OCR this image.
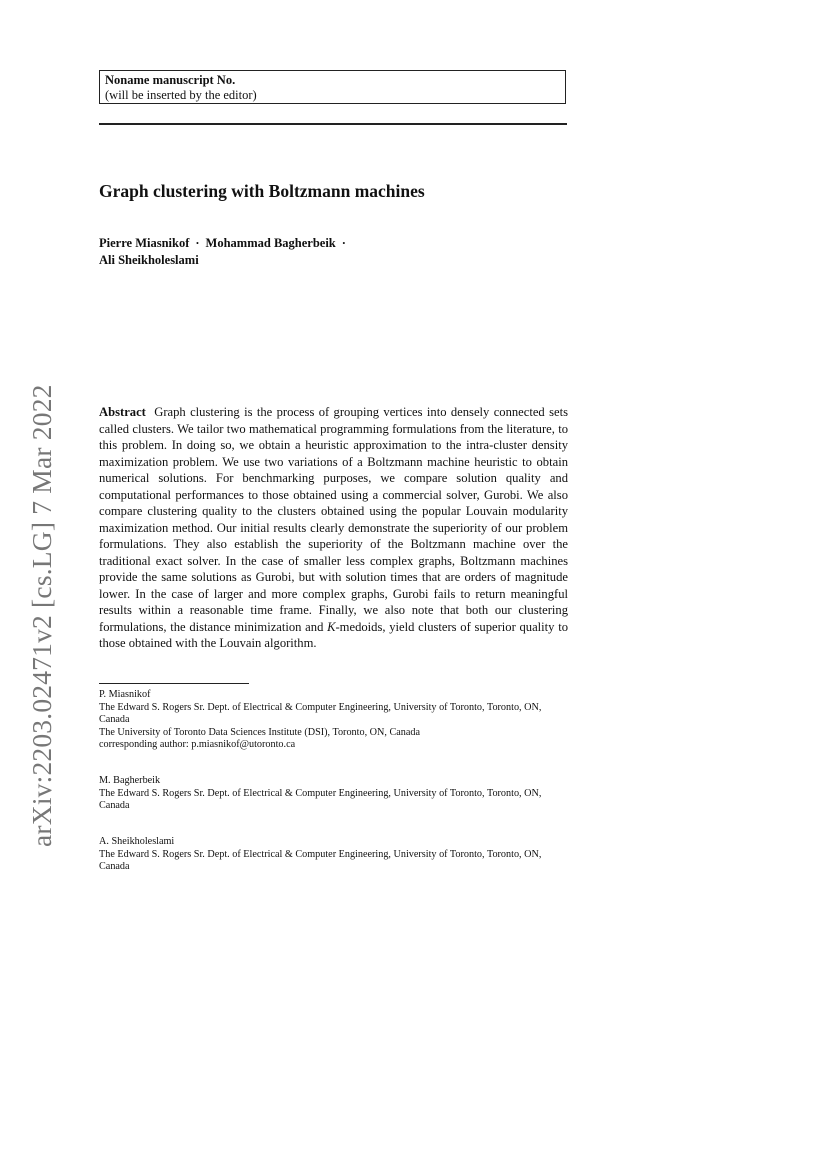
Noname manuscript No.
(will be inserted by the editor)
Graph clustering with Boltzmann machines
Pierre Miasnikof · Mohammad Bagherbeik ·
Ali Sheikholeslami
arXiv:2203.02471v2 [cs.LG] 7 Mar 2022	Abstract Graph clustering is the process of grouping vertices into densely connected sets called clusters. We tailor two mathematical programming formulations from the literature, to this problem. In doing so, we obtain a heuristic approximation to the intra-cluster density maximization problem. We use two variations of a Boltzmann machine heuristic to obtain numerical solutions. For benchmarking purposes, we compare solution quality and computational performances to those obtained using a commercial solver, Gurobi. We also compare clustering quality to the clusters obtained using the popular Louvain modularity maximization method. Our initial results clearly demonstrate the superiority of our problem formulations. They also establish the superiority of the Boltzmann machine over the traditional exact solver. In the case of smaller less complex graphs, Boltzmann machines provide the same solutions as Gurobi, but with solution times that are orders of magnitude lower. In the case of larger and more complex graphs, Gurobi fails to return meaningful results within a reasonable time frame. Finally, we also note that both our clustering formulations, the distance minimization and K-medoids, yield clusters of superior quality to those obtained with the Louvain algorithm.
P. Miasnikof
The Edward S. Rogers Sr. Dept. of Electrical & Computer Engineering, University of Toronto, Toronto, ON, Canada
The University of Toronto Data Sciences Institute (DSI), Toronto, ON, Canada
corresponding author: p.miasnikof@utoronto.ca
M. Bagherbeik
The Edward S. Rogers Sr. Dept. of Electrical & Computer Engineering, University of Toronto, Toronto, ON, Canada
A. Sheikholeslami
The Edward S. Rogers Sr. Dept. of Electrical & Computer Engineering, University of Toronto, Toronto, ON, Canada
